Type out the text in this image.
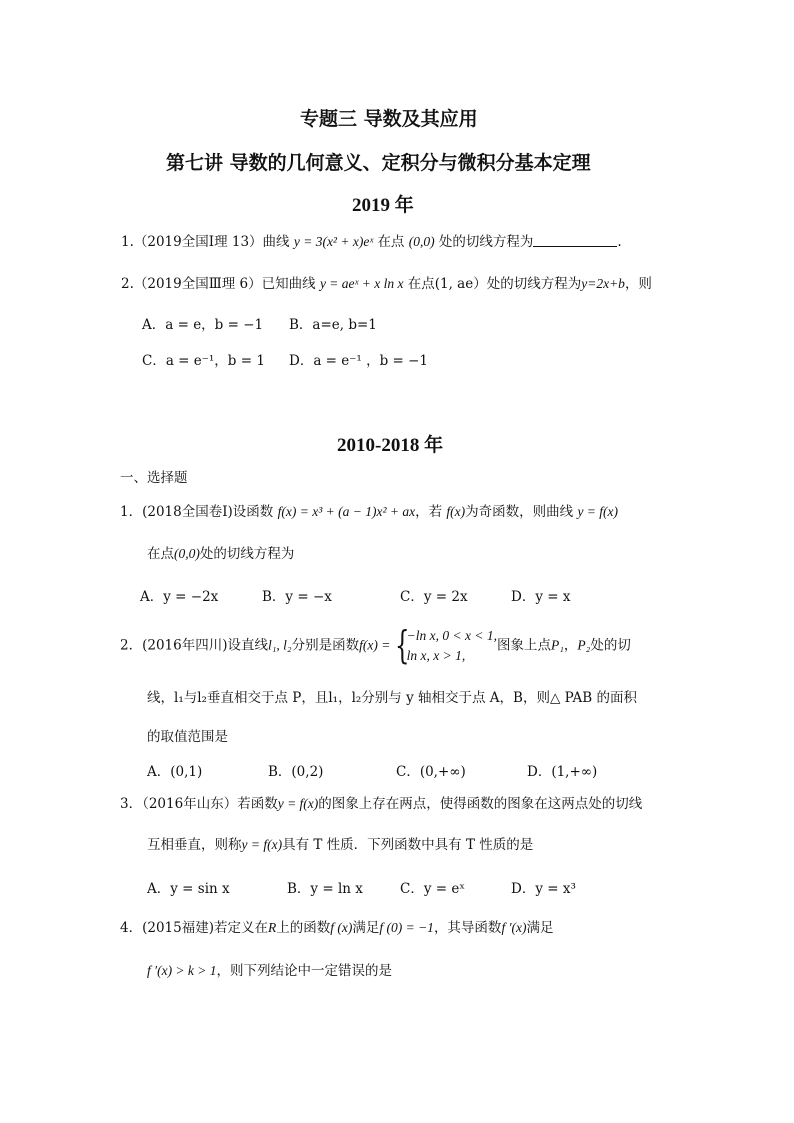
专题三 导数及其应用
第七讲 导数的几何意义、定积分与微积分基本定理
2019 年
1.（2019全国Ⅰ理 13）曲线 y = 3(x² + x)eˣ 在点 (0,0) 处的切线方程为	.
2.（2019全国Ⅲ理 6）已知曲线 y = aeˣ + x ln x 在点(1, ae）处的切线方程为y=2x+b，则
A．a = e，b = −1 B．a=e, b=1
C．a = e⁻¹，b = 1 D．a = e⁻¹ ，b = −1
2010-2018 年
一、选择题
1．(2018全国卷Ⅰ)设函数 f(x) = x³ + (a − 1)x² + ax，若 f(x)为奇函数，则曲线 y = f(x)
在点(0,0)处的切线方程为
A．y = −2x	B．y = −x	C．y = 2x	D．y = x
2．(2016年四川)设直线l₁, l₂分别是函数f(x) = {
−ln x, 0 < x < 1,
ln x, x > 1,
图象上点P₁，P₂处的切
线，l₁与l₂垂直相交于点 P，且l₁，l₂分别与 y 轴相交于点 A，B，则△ PAB 的面积
的取值范围是
A．(0,1)	B．(0,2)	C．(0,+∞)	D．(1,+∞)
3．（2016年山东）若函数y = f(x)的图象上存在两点，使得函数的图象在这两点处的切线
互相垂直，则称y = f(x)具有 T 性质．下列函数中具有 T 性质的是
A．y = sin x	B．y = ln x	C．y = eˣ	D．y = x³
4．(2015福建)若定义在R上的函数f (x)满足f (0) = −1，其导函数f ′(x)满足
f ′(x) > k > 1，则下列结论中一定错误的是
